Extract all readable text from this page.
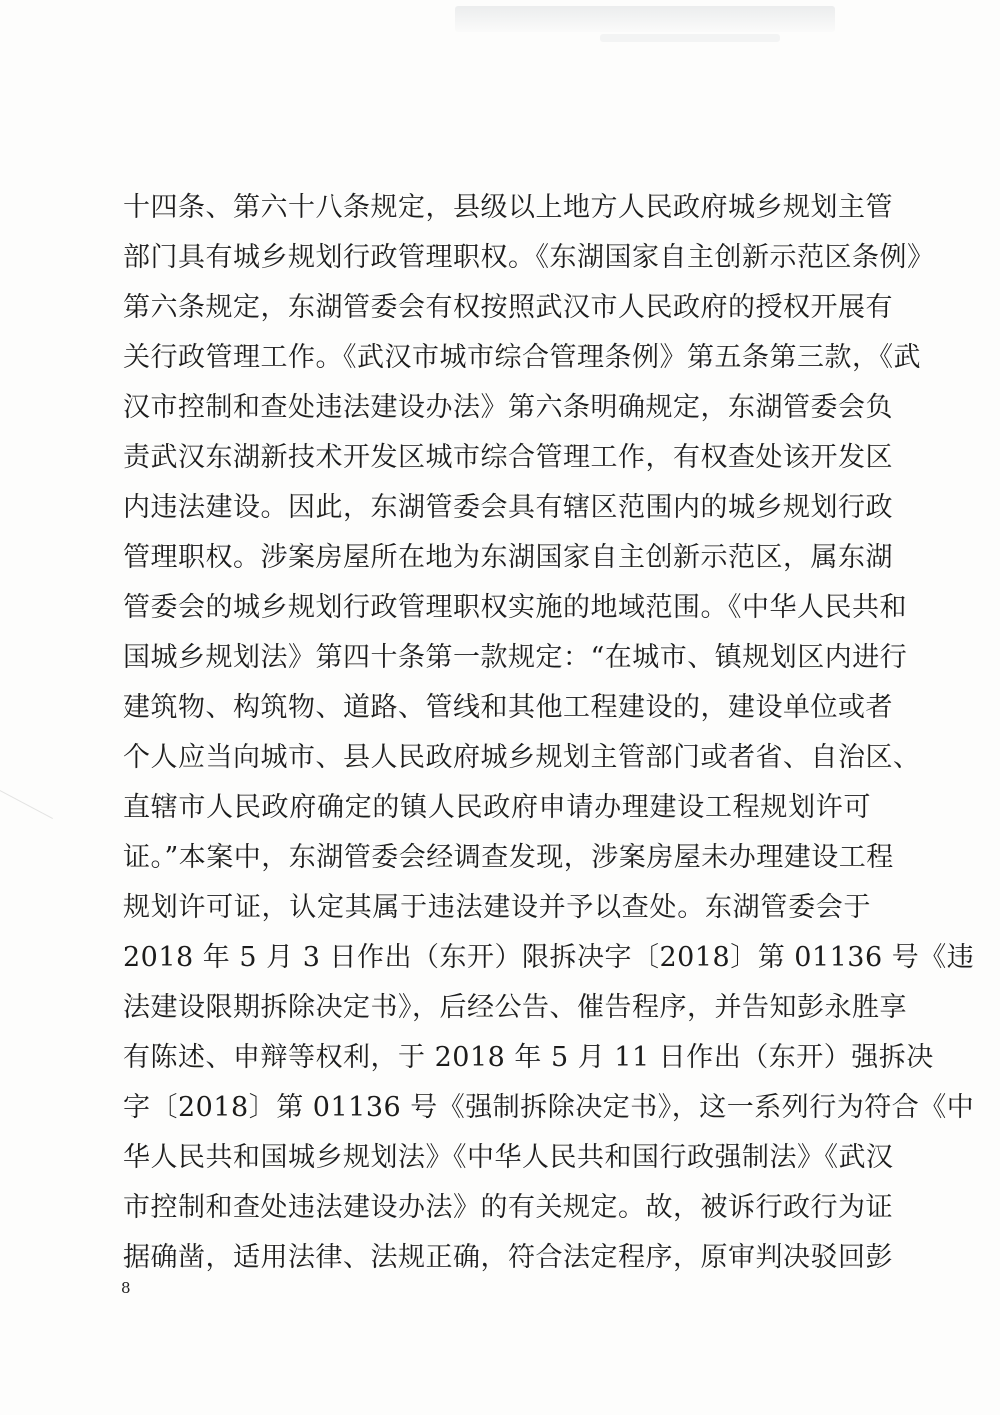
十四条、第六十八条规定，县级以上地方人民政府城乡规划主管
部门具有城乡规划行政管理职权。《东湖国家自主创新示范区条例》
第六条规定，东湖管委会有权按照武汉市人民政府的授权开展有
关行政管理工作。《武汉市城市综合管理条例》第五条第三款，《武
汉市控制和查处违法建设办法》第六条明确规定，东湖管委会负
责武汉东湖新技术开发区城市综合管理工作，有权查处该开发区
内违法建设。因此，东湖管委会具有辖区范围内的城乡规划行政
管理职权。涉案房屋所在地为东湖国家自主创新示范区，属东湖
管委会的城乡规划行政管理职权实施的地域范围。《中华人民共和
国城乡规划法》第四十条第一款规定：“在城市、镇规划区内进行
建筑物、构筑物、道路、管线和其他工程建设的，建设单位或者
个人应当向城市、县人民政府城乡规划主管部门或者省、自治区、
直辖市人民政府确定的镇人民政府申请办理建设工程规划许可
证。”本案中，东湖管委会经调查发现，涉案房屋未办理建设工程
规划许可证，认定其属于违法建设并予以查处。东湖管委会于
2018 年 5 月 3 日作出（东开）限拆决字〔2018〕第 01136 号《违
法建设限期拆除决定书》，后经公告、催告程序，并告知彭永胜享
有陈述、申辩等权利，于 2018 年 5 月 11 日作出（东开）强拆决
字〔2018〕第 01136 号《强制拆除决定书》，这一系列行为符合《中
华人民共和国城乡规划法》《中华人民共和国行政强制法》《武汉
市控制和查处违法建设办法》的有关规定。故，被诉行政行为证
据确凿，适用法律、法规正确，符合法定程序，原审判决驳回彭
8
